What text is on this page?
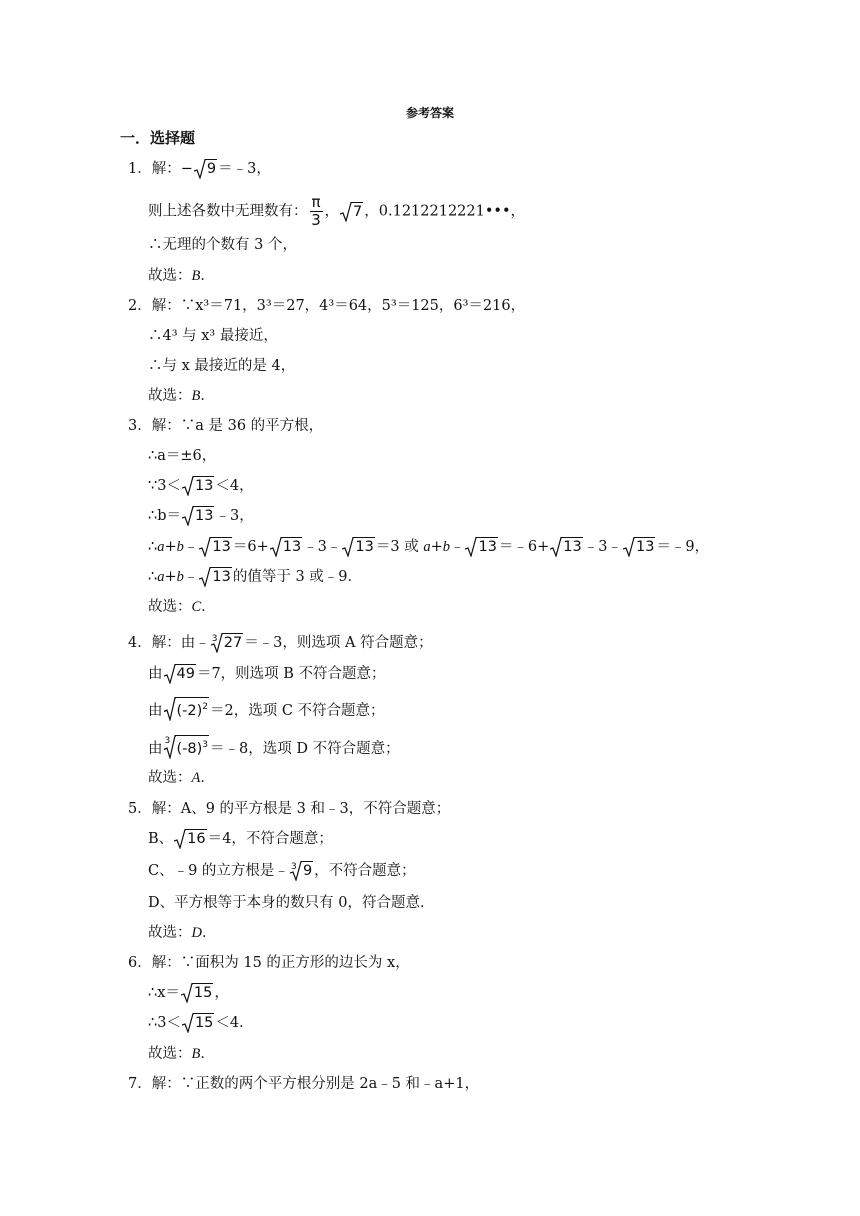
参考答案
一．选择题
1．解：− 9 ＝﹣3，
则上述各数中无理数有： $\frac{\pi}{3}$ ， 7 ，0.1212212221•••，
∴无理的个数有 3 个，
故选：B．
2．解：∵x³＝71，3³＝27，4³＝64，5³＝125，6³＝216，
∴4³ 与 x³ 最接近，
∴与 x 最接近的是 4，
故选：B．
3．解：∵a 是 36 的平方根，
∴a＝±6，
∵3＜ 13 ＜4，
∴b＝ 13 ﹣3，
∴a+b﹣ 13 ＝6+ 13 ﹣3﹣ 13 ＝3 或 a+b﹣ 13 ＝﹣6+ 13 ﹣3﹣ 13 ＝﹣9，
∴a+b﹣ 13 的值等于 3 或﹣9．
故选：C．
4．解：由﹣ 3 27 ＝﹣3，则选项 A 符合题意；
由 49 ＝7，则选项 B 不符合题意；
由 $(-2)^2 =2$，选项 C 不符合题意；
由 3 $(-8)^3$ ＝﹣8，选项 D 不符合题意；
故选：A．
5．解：A、9 的平方根是 3 和﹣3，不符合题意；
B、 16 ＝4，不符合题意；
C、﹣9 的立方根是﹣ 3 9 ，不符合题意；
D、平方根等于本身的数只有 0，符合题意．
故选：D．
6．解：∵面积为 15 的正方形的边长为 x，
∴x＝ 15 ，
∴3＜ 15 ＜4．
故选：B．
7．解：∵正数的两个平方根分别是 2a﹣5 和﹣a+1，
